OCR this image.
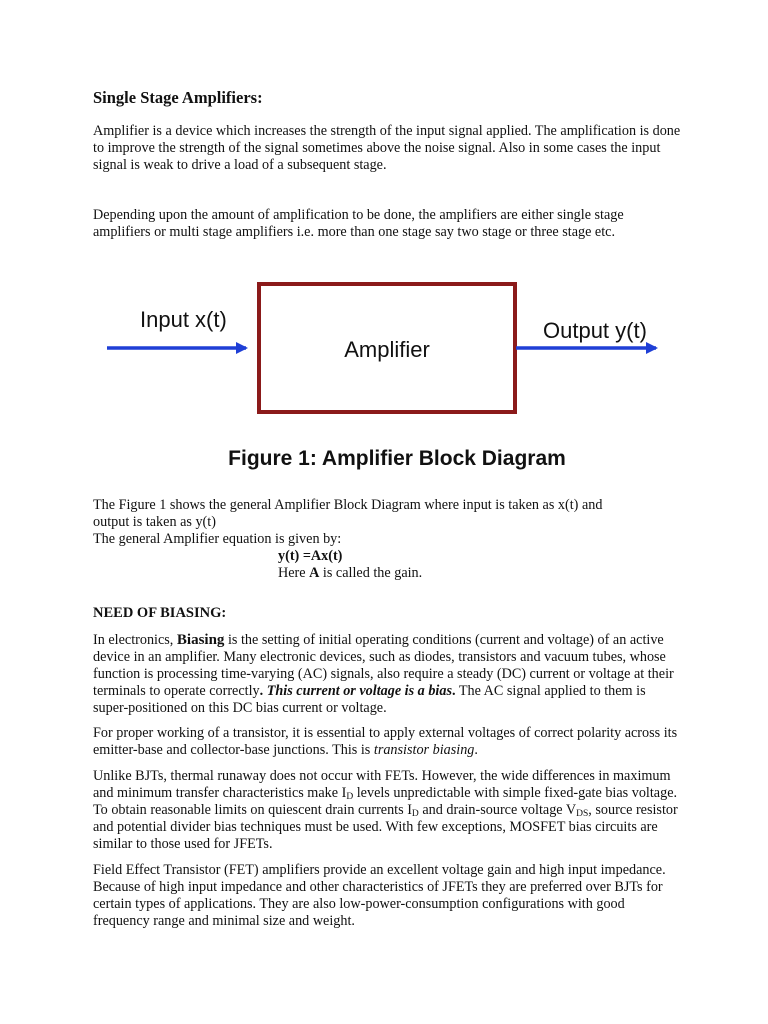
Single Stage Amplifiers:
Amplifier is a device which increases the strength of the input signal applied. The amplification is done to improve the strength of the signal sometimes above the noise signal. Also in some cases the input signal is weak to drive a load of a subsequent stage.
Depending upon the amount of amplification to be done, the amplifiers are either single stage amplifiers or multi stage amplifiers i.e. more than one stage say two stage or three stage etc.
Input x(t)
Amplifier
Output y(t)
Figure 1: Amplifier Block Diagram
The Figure 1 shows the general Amplifier Block Diagram where input is taken as x(t) and
output is taken as y(t)
The general Amplifier equation is given by:
y(t) =Ax(t)
Here A is called the gain.
NEED OF BIASING:
In electronics, Biasing is the setting of initial operating conditions (current and voltage) of an active device in an amplifier. Many electronic devices, such as diodes, transistors and vacuum tubes, whose function is processing time-varying (AC) signals, also require a steady (DC) current or voltage at their terminals to operate correctly. This current or voltage is a bias. The AC signal applied to them is super-positioned on this DC bias current or voltage.
For proper working of a transistor, it is essential to apply external voltages of correct polarity across its emitter-base and collector-base junctions. This is transistor biasing.
Unlike BJTs, thermal runaway does not occur with FETs. However, the wide differences in maximum and minimum transfer characteristics make $I_D$ levels unpredictable with simple fixed-gate bias voltage. To obtain reasonable limits on quiescent drain currents $I_D$ and drain-source voltage $V_{DS}$, source resistor and potential divider bias techniques must be used. With few exceptions, MOSFET bias circuits are similar to those used for JFETs.
Field Effect Transistor (FET) amplifiers provide an excellent voltage gain and high input impedance. Because of high input impedance and other characteristics of JFETs they are preferred over BJTs for certain types of applications. They are also low-power-consumption configurations with good frequency range and minimal size and weight.
